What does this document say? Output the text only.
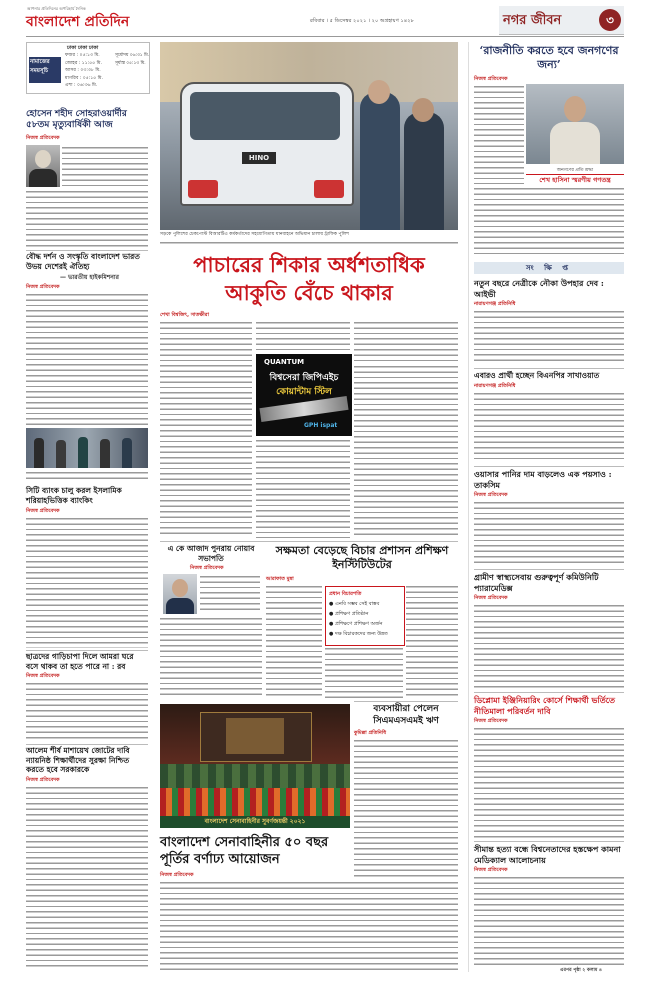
বাংলাদেশ প্রতিদিন
আপনার প্রতিদিনের অপরিহার্য দৈনিক
রবিবার । ৫ ডিসেম্বর ২০২১ । ২০ অগ্রহায়ণ ১৪২৮	নগর জীবন	৩
ঢাকা ঢাকা ঢাকা
নামাজের সময়সূচি
ফজর : ০৫:১৩ মি.
জোহর : ১১:৫৫ মি.
আসর : ০৩:৩৮ মি.
মাগরিব : ০৫:১৫ মি.
এশা : ০৬:৩৬ মি.
সূর্যোদয় ০৬:৩১ মি.
সূর্যাস্ত ০৫:১৩ মি.
হোসেন শহীদ সোহরাওয়ার্দীর ৫৮তম মৃত্যুবার্ষিকী আজ
নিজস্ব প্রতিবেদক
বৌদ্ধ দর্শন ও সংস্কৃতি বাংলাদেশ ভারত উভয় দেশেরই ঐতিহ্য
— ভারতীয় হাইকমিশনার
নিজস্ব প্রতিবেদক
সিটি ব্যাংক চালু করল ইসলামিক শরিয়াহভিত্তিক ব্যাংকিং
নিজস্ব প্রতিবেদক
ছাত্রদের গাড়িচাপা দিলে আমরা ঘরে বসে থাকব তা হতে পারে না : রব
নিজস্ব প্রতিবেদক
আলেম শীর্ষ মাশায়েখ জোটের দাবি ন্যায়নিষ্ঠ শিক্ষার্থীদের সুরক্ষা নিশ্চিত করতে হবে সরকারকে
নিজস্ব প্রতিবেদক
HINO
সড়কে পুলিশের চেকপোস্ট বিআরটিএ কর্মকর্তাদের সহযোগিতায় যানবাহনে অভিযান চালায় ট্রাফিক পুলিশ
পাচারের শিকার অর্ধশতাধিক
আকুতি বেঁচে থাকার
শেখা বিশ্বজিৎ, সাতক্ষীরা
QUANTUM
বিশ্বসেরা জিপিএইচ
কোয়ান্টাম স্টিল
GPH ispat
এ কে আজাদ পুনরায় নোয়াব সভাপতি
নিজস্ব প্রতিবেদক
সক্ষমতা বেড়েছে বিচার প্রশাসন প্রশিক্ষণ ইনস্টিটিউটের
আরাফাত মুন্না
প্রধান বিচারপতি
● এনবি সম্ভব সেই বাস্তব
● প্রশিক্ষণ প্রতিষ্ঠান
● প্রশিক্ষণে প্রশিক্ষণ অর্জন
● দক্ষ বিচারকদের জন্য উন্নত
বাংলাদেশ সেনাবাহিনীর সুবর্ণজয়ন্তী ২০২১
বাংলাদেশ সেনাবাহিনীর ৫০ বছর পূর্তির বর্ণাঢ্য আয়োজন
নিজস্ব প্রতিবেদক
ব্যবসায়ীরা পেলেন সিএমএসএমই ঋণ
কুমিল্লা প্রতিনিধি
‘রাজনীতি করতে হবে জনগণের জন্য’
নিজস্ব প্রতিবেদক
জনগণের প্রতি শ্রদ্ধা
শেখ হাসিনা স্মরণীয় গণতন্ত্র
সং ক্ষি প্ত
নতুন বছরে নেত্রীকে নৌকা উপহার দেব : আইভী
নারায়ণগঞ্জ প্রতিনিধি
এবারও প্রার্থী হচ্ছেন বিএনপির সাখাওয়াত
নারায়ণগঞ্জ প্রতিনিধি
ওয়াসার পানির দাম বাড়লেও এক পয়সাও : তাকসিম
নিজস্ব প্রতিবেদক
গ্রামীণ স্বাস্থ্যসেবায় গুরুত্বপূর্ণ কমিউনিটি প্যারামেডিক্স
নিজস্ব প্রতিবেদক
ডিপ্লোমা ইঞ্জিনিয়ারিং কোর্সে শিক্ষার্থী ভর্তিতে নীতিমালা পরিবর্তন দাবি
নিজস্ব প্রতিবেদক
সীমান্ত হত্যা বন্ধে বিশ্বনেতাদের হস্তক্ষেপ কামনা মেডিক্যাল আলোচনায়
নিজস্ব প্রতিবেদক
এরপর পৃষ্ঠা ২ কলাম ৪
